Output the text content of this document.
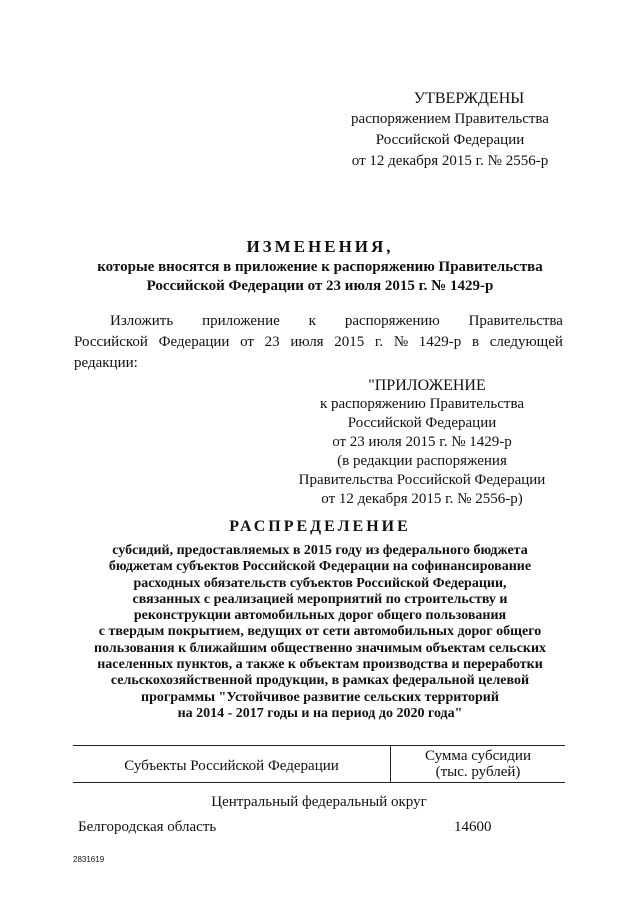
УТВЕРЖДЕНЫ
распоряжением Правительства
Российской Федерации
от 12 декабря 2015 г. № 2556-р
ИЗМЕНЕНИЯ,
которые вносятся в приложение к распоряжению Правительства
Российской Федерации от 23 июля 2015 г. № 1429-р
Изложить приложение к распоряжению Правительства
Российской Федерации от 23 июля 2015 г. № 1429-р в следующей
редакции:
"ПРИЛОЖЕНИЕ
к распоряжению Правительства
Российской Федерации
от 23 июля 2015 г. № 1429-р
(в редакции распоряжения
Правительства Российской Федерации
от 12 декабря 2015 г. № 2556-р)
РАСПРЕДЕЛЕНИЕ
субсидий, предоставляемых в 2015 году из федерального бюджета
бюджетам субъектов Российской Федерации на софинансирование
расходных обязательств субъектов Российской Федерации,
связанных с реализацией мероприятий по строительству и
реконструкции автомобильных дорог общего пользования
с твердым покрытием, ведущих от сети автомобильных дорог общего
пользования к ближайшим общественно значимым объектам сельских
населенных пунктов, а также к объектам производства и переработки
сельскохозяйственной продукции, в рамках федеральной целевой
программы "Устойчивое развитие сельских территорий
на 2014 - 2017 годы и на период до 2020 года"
Субъекты Российской Федерации
Сумма субсидии
(тыс. рублей)
Центральный федеральный округ
Белгородская область	14600
2831619
